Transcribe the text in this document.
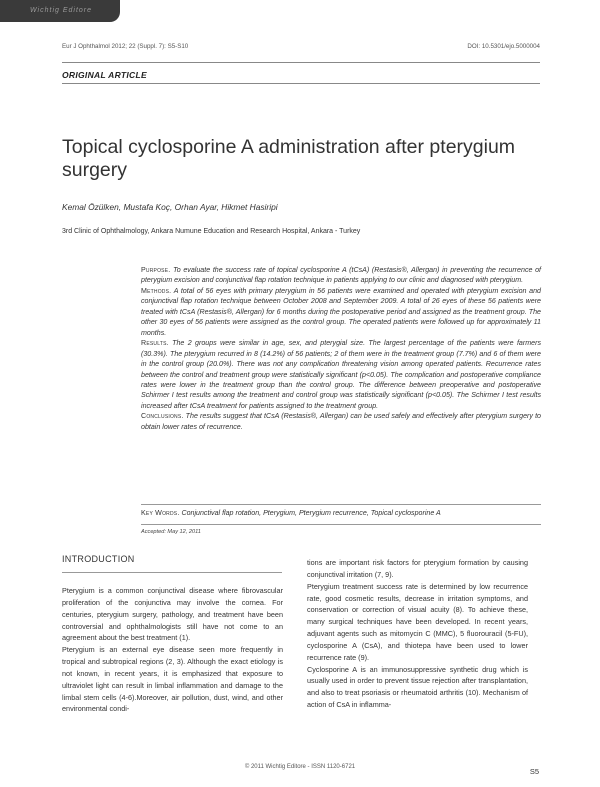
Wichtig Editore
Eur J Ophthalmol 2012; 22 (Suppl. 7): S5-S10	DOI: 10.5301/ejo.5000004
ORIGINAL ARTICLE
Topical cyclosporine A administration after pterygium surgery
Kemal Özülken, Mustafa Koç, Orhan Ayar, Hikmet Hasiripi
3rd Clinic of Ophthalmology, Ankara Numune Education and Research Hospital, Ankara - Turkey

Purpose. To evaluate the success rate of topical cyclosporine A (tCsA) (Restasis®, Allergan) in preventing the recurrence of pterygium excision and conjunctival flap rotation technique in patients applying to our clinic and diagnosed with pterygium.

Methods. A total of 56 eyes with primary pterygium in 56 patients were examined and operated with pterygium excision and conjunctival flap rotation technique between October 2008 and September 2009. A total of 26 eyes of these 56 patients were treated with tCsA (Restasis®, Allergan) for 6 months during the postoperative period and assigned as the treatment group. The other 30 eyes of 56 patients were assigned as the control group. The operated patients were followed up for approximately 11 months.

Results. The 2 groups were similar in age, sex, and pterygial size. The largest percentage of the patients were farmers (30.3%). The pterygium recurred in 8 (14.2%) of 56 patients; 2 of them were in the treatment group (7.7%) and 6 of them were in the control group (20.0%). There was not any complication threatening vision among operated patients. Recurrence rates between the control and treatment group were statistically significant (p<0.05). The complication and postoperative compliance rates were lower in the treatment group than the control group. The difference between preoperative and postoperative Schirmer I test results among the treatment and control group was statistically significant (p<0.05). The Schirmer I test results increased after tCsA treatment for patients assigned to the treatment group.

Conclusions. The results suggest that tCsA (Restasis®, Allergan) can be used safely and effectively after pterygium surgery to obtain lower rates of recurrence.

Key Words. Conjunctival flap rotation, Pterygium, Pterygium recurrence, Topical cyclosporine A
Accepted: May 12, 2011
INTRODUCTION

Pterygium is a common conjunctival disease where fibrovascular proliferation of the conjunctiva may involve the cornea. For centuries, pterygium surgery, pathology, and treatment have been controversial and ophthalmologists still have not come to an agreement about the best treatment (1).

Pterygium is an external eye disease seen more frequently in tropical and subtropical regions (2, 3). Although the exact etiology is not known, in recent years, it is emphasized that exposure to ultraviolet light can result in limbal inflammation and damage to the limbal stem cells (4-6).Moreover, air pollution, dust, wind, and other environmental condi-

tions are important risk factors for pterygium formation by causing conjunctival irritation (7, 9).

Pterygium treatment success rate is determined by low recurrence rate, good cosmetic results, decrease in irritation symptoms, and conservation or correction of visual acuity (8). To achieve these, many surgical techniques have been developed. In recent years, adjuvant agents such as mitomycin C (MMC), 5 fluorouracil (5-FU), cyclosporine A (CsA), and thiotepa have been used to lower recurrence rate (9).

Cyclosporine A is an immunosuppressive synthetic drug which is usually used in order to prevent tissue rejection after transplantation, and also to treat psoriasis or rheumatoid arthritis (10). Mechanism of action of CsA in inflamma-

© 2011 Wichtig Editore - ISSN 1120-6721	S5
